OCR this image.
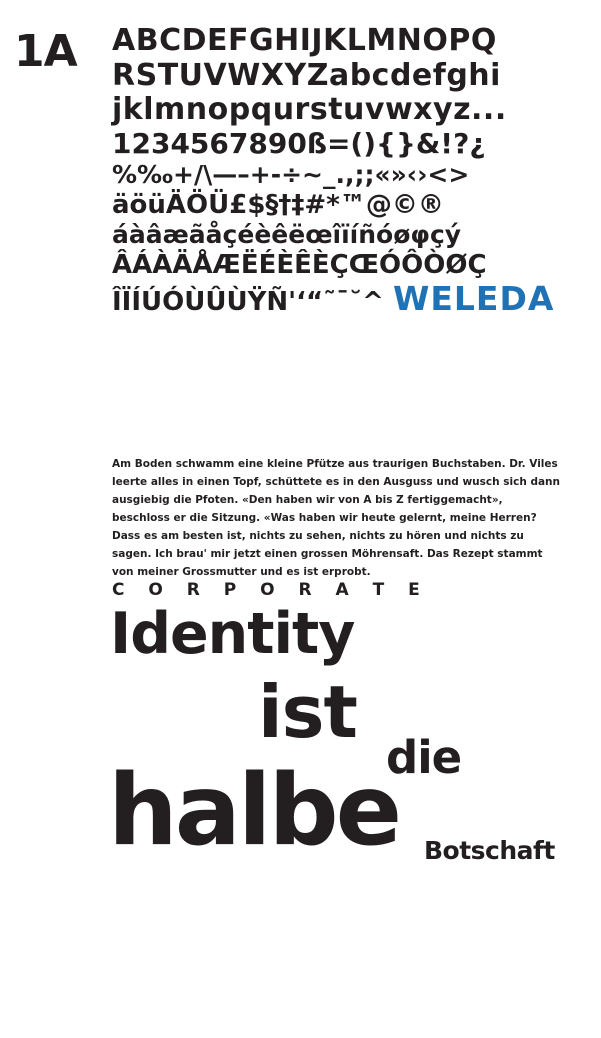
1A ABCDEFGHIJKLMNOPQ
RSTUVWXYZabcdefghi
jklmnopqurstuvwxyz...
1234567890ß=(){}&!?¿
%‰+/\—–+-÷~_.,;;«»‹›<>
äöüÄÖÜ£$§†‡#*™@©®
áàâæãåçéèêëœîïíñóøφçý
ÂÁÀÄÅÆËÉÈÊÈÇŒÓÔÒØÇ
ÎÏÍÚÓÙÛÙŸÑ'‘“˜¯˘^ WELEDA
Am Boden schwamm eine kleine Pfütze aus traurigen Buchstaben. Dr. Viles leerte alles in einen Topf, schüttete es in den Ausguss und wusch sich dann ausgiebig die Pfoten. «Den haben wir von A bis Z fertiggemacht», beschloss er die Sitzung. «Was haben wir heute gelernt, meine Herren? Dass es am besten ist, nichts zu sehen, nichts zu hören und nichts zu sagen. Ich brau' mir jetzt einen grossen Möhrensaft. Das Rezept stammt von meiner Grossmutter und es ist erprobt.
C O R P O R A T E
Identity
ist
die
halbe Botschaft
